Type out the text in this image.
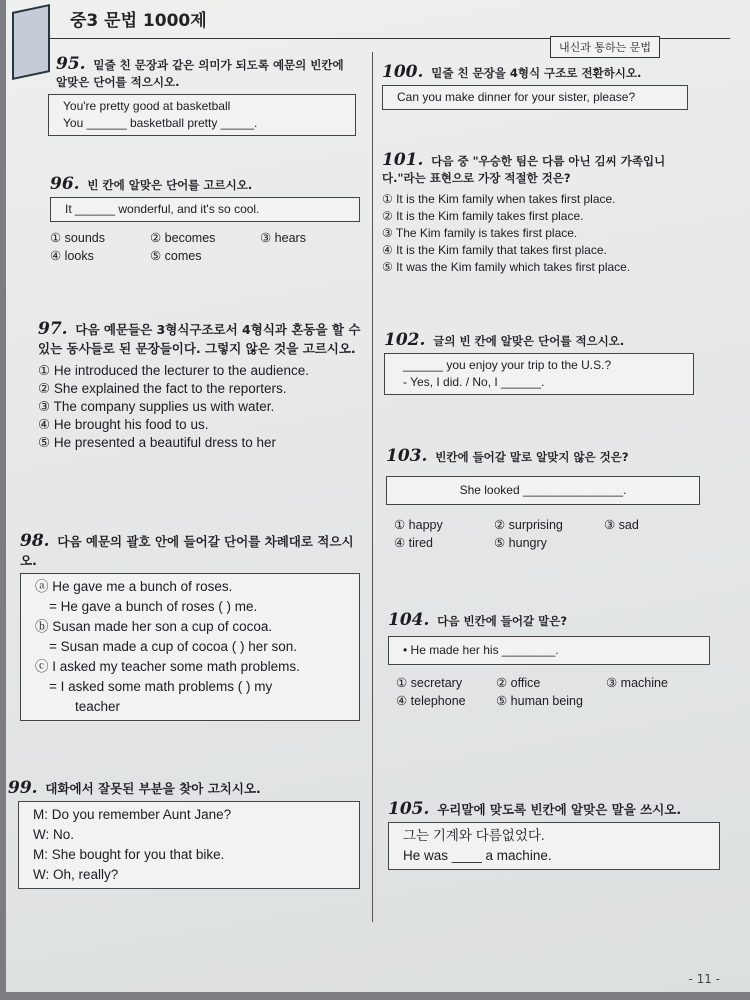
중3 문법 1000제
내신과 통하는 문법
95. 밑줄 친 문장과 같은 의미가 되도록 예문의 빈칸에 알맞은 단어를 적으시오.
You're pretty good at basketball
You ______ basketball pretty _____.
96. 빈 칸에 알맞은 단어를 고르시오.
It ______ wonderful, and it's so cool.
① sounds	② becomes	③ hears
④ looks	⑤ comes
97. 다음 예문들은 3형식구조로서 4형식과 혼동을 할 수 있는 동사들로 된 문장들이다. 그렇지 않은 것을 고르시오.
① He introduced the lecturer to the audience.
② She explained the fact to the reporters.
③ The company supplies us with water.
④ He brought his food to us.
⑤ He presented a beautiful dress to her
98. 다음 예문의 괄호 안에 들어갈 단어를 차례대로 적으시오.
ⓐ He gave me a bunch of roses.
= He gave a bunch of roses ( ) me.
ⓑ Susan made her son a cup of cocoa.
= Susan made a cup of cocoa ( ) her son.
ⓒ I asked my teacher some math problems.
= I asked some math problems ( ) my
teacher
99. 대화에서 잘못된 부분을 찾아 고치시오.
M: Do you remember Aunt Jane?
W: No.
M: She bought for you that bike.
W: Oh, really?
100. 밑줄 친 문장을 4형식 구조로 전환하시오.
Can you make dinner for your sister, please?
101. 다음 중 "우승한 팀은 다름 아닌 김씨 가족입니다."라는 표현으로 가장 적절한 것은?
① It is the Kim family when takes first place.
② It is the Kim family takes first place.
③ The Kim family is takes first place.
④ It is the Kim family that takes first place.
⑤ It was the Kim family which takes first place.
102. 글의 빈 칸에 알맞은 단어를 적으시오.
______ you enjoy your trip to the U.S.?
- Yes, I did. / No, I ______.
103. 빈칸에 들어갈 말로 알맞지 않은 것은?
She looked _______________.
① happy	② surprising	③ sad
④ tired	⑤ hungry
104. 다음 빈칸에 들어갈 말은?
• He made her his ________.
① secretary	② office	③ machine
④ telephone	⑤ human being
105. 우리말에 맞도록 빈칸에 알맞은 말을 쓰시오.
그는 기계와 다름없었다.
He was ____ a machine.
- 11 -
